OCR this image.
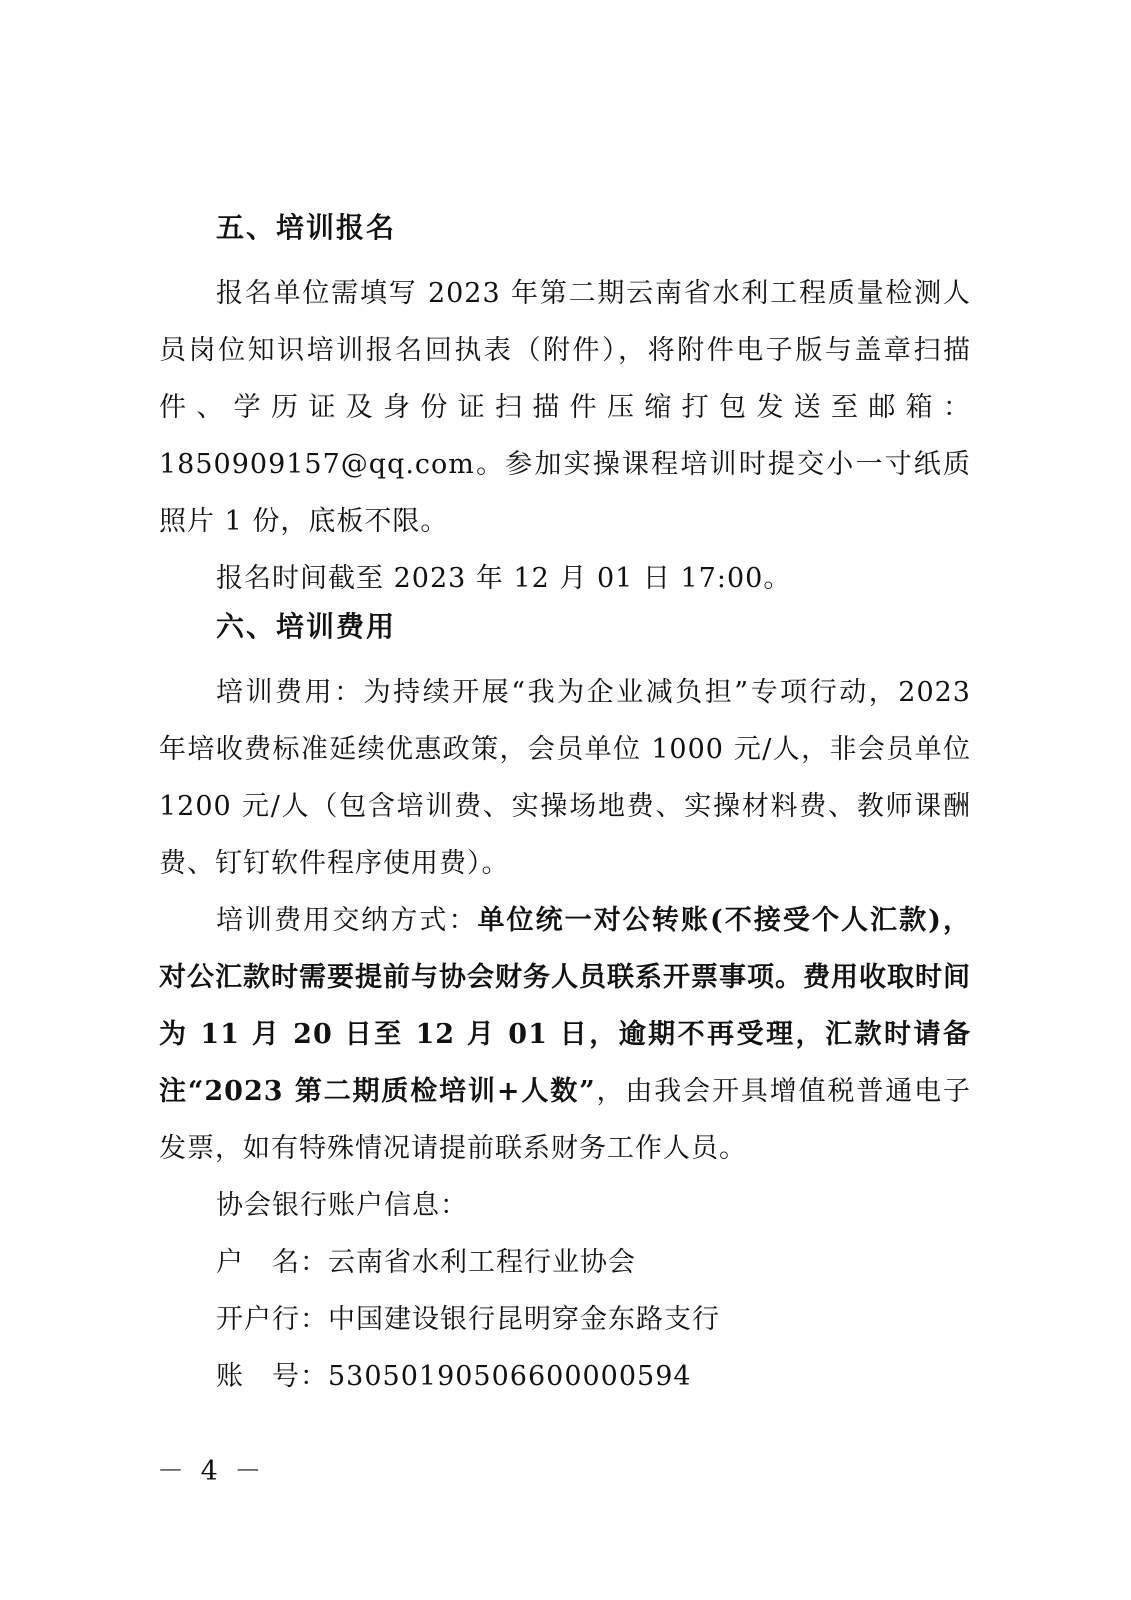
五、培训报名

报名单位需填写 2023 年第二期云南省水利工程质量检测人员岗位知识培训报名回执表（附件），将附件电子版与盖章扫描件、学历证及身份证扫描件压缩打包发送至邮箱：1850909157@qq.com。参加实操课程培训时提交小一寸纸质照片 1 份，底板不限。

报名时间截至 2023 年 12 月 01 日 17:00。

六、培训费用

培训费用：为持续开展“我为企业减负担”专项行动，2023 年培收费标准延续优惠政策，会员单位 1000 元/人，非会员单位 1200 元/人（包含培训费、实操场地费、实操材料费、教师课酬费、钉钉软件程序使用费）。

培训费用交纳方式：单位统一对公转账(不接受个人汇款)，对公汇款时需要提前与协会财务人员联系开票事项。费用收取时间为 11 月 20 日至 12 月 01 日，逾期不再受理，汇款时请备注“2023 第二期质检培训+人数”，由我会开具增值税普通电子发票，如有特殊情况请提前联系财务工作人员。

协会银行账户信息：

户　名：云南省水利工程行业协会
开户行：中国建设银行昆明穿金东路支行
账　号：53050190506600000594
－ 4 －
